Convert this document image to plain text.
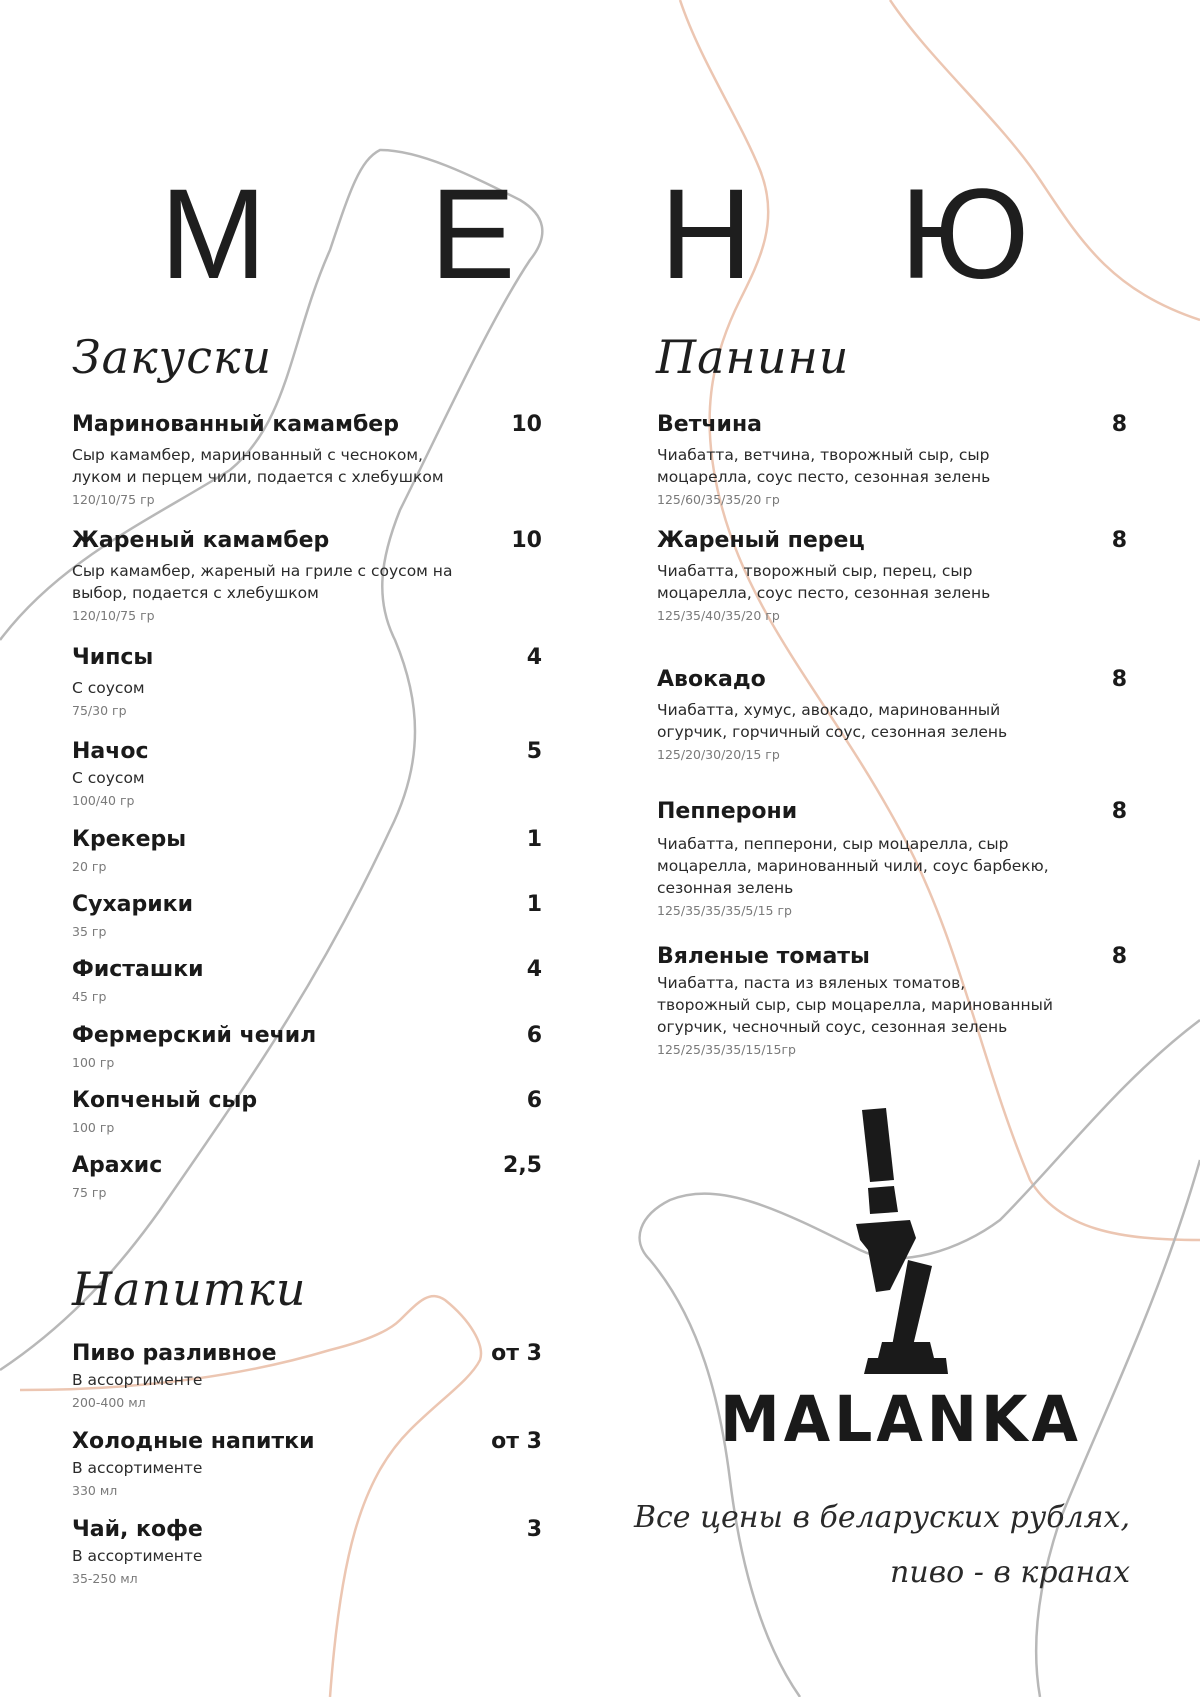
М Е Н Ю
Закуски	Панини
Напитки
Маринованный камамбер	10
Сыр камамбер, маринованный с чесноком,
луком и перцем чили, подается с хлебушком
120/10/75 гр
Жареный камамбер	10
Сыр камамбер, жареный на гриле с соусом на
выбор, подается с хлебушком
120/10/75 гр
Чипсы	4
С соусом
75/30 гр
Начос	5
С соусом
100/40 гр
Крекеры	1
20 гр
Сухарики	1
35 гр
Фисташки	4
45 гр
Фермерский чечил	6
100 гр
Копченый сыр	6
100 гр
Арахис	2,5
75 гр
Пиво разливное	от 3
В ассортименте
200-400 мл
Холодные напитки	от 3
В ассортименте
330 мл
Чай, кофе	3
В ассортименте
35-250 мл
Ветчина	8
Чиабатта, ветчина, творожный сыр, сыр
моцарелла, соус песто, сезонная зелень
125/60/35/35/20 гр
Жареный перец	8
Чиабатта, творожный сыр, перец, сыр
моцарелла, соус песто, сезонная зелень
125/35/40/35/20 гр
Авокадо	8
Чиабатта, хумус, авокадо, маринованный
огурчик, горчичный соус, сезонная зелень
125/20/30/20/15 гр
Пепперони	8
Чиабатта, пепперони, сыр моцарелла, сыр
моцарелла, маринованный чили, соус барбекю,
сезонная зелень
125/35/35/35/5/15 гр
Вяленые томаты	8
Чиабатта, паста из вяленых томатов,
творожный сыр, сыр моцарелла, маринованный
огурчик, чесночный соус, сезонная зелень
125/25/35/35/15/15гр
MALANKA
Все цены в беларуских рублях,
пиво - в кранах
